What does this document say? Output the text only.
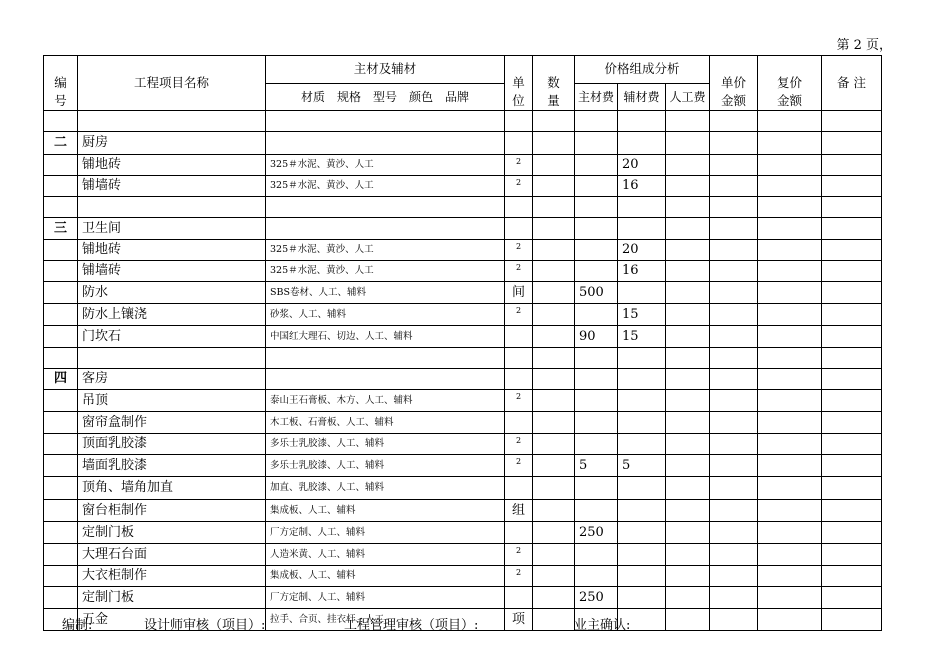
第 2 页，

编
号	工程项目名称	主材及辅材	单
位	数
量	价格组成分析			单价
金额	复价
金额	备 注
		材质　规格　型号　颜色　品牌			主材费	辅材费	人工费			

二	厨房									
	铺地砖	325＃水泥、黄沙、人工	2			20				
	铺墙砖	325＃水泥、黄沙、人工	2			16				

三	卫生间									
	铺地砖	325＃水泥、黄沙、人工	2			20				
	铺墙砖	325＃水泥、黄沙、人工	2			16				
	防水	SBS卷材、人工、辅料	间		500					
	防水上镶浇	砂浆、人工、辅料	2			15				
	门坎石	中国红大理石、切边、人工、辅料			90	15				

四	客房									
	吊顶	泰山王石膏板、木方、人工、辅料	2							
	窗帘盒制作	木工板、石膏板、人工、辅料								
	顶面乳胶漆	多乐士乳胶漆、人工、辅料	2							
	墙面乳胶漆	多乐士乳胶漆、人工、辅料	2		5	5				
	顶角、墙角加直	加直、乳胶漆、人工、辅料								
	窗台柜制作	集成板、人工、辅料	组							
	定制门板	厂方定制、人工、辅料			250					
	大理石台面	人造米黄、人工、辅料	2							
	大衣柜制作	集成板、人工、辅料	2							
	定制门板	厂方定制、人工、辅料			250					
	五金	拉手、合页、挂衣杆、人工	项							
编制:	设计师审核（项目）:	工程管理审核（项目）:	业主确认:
